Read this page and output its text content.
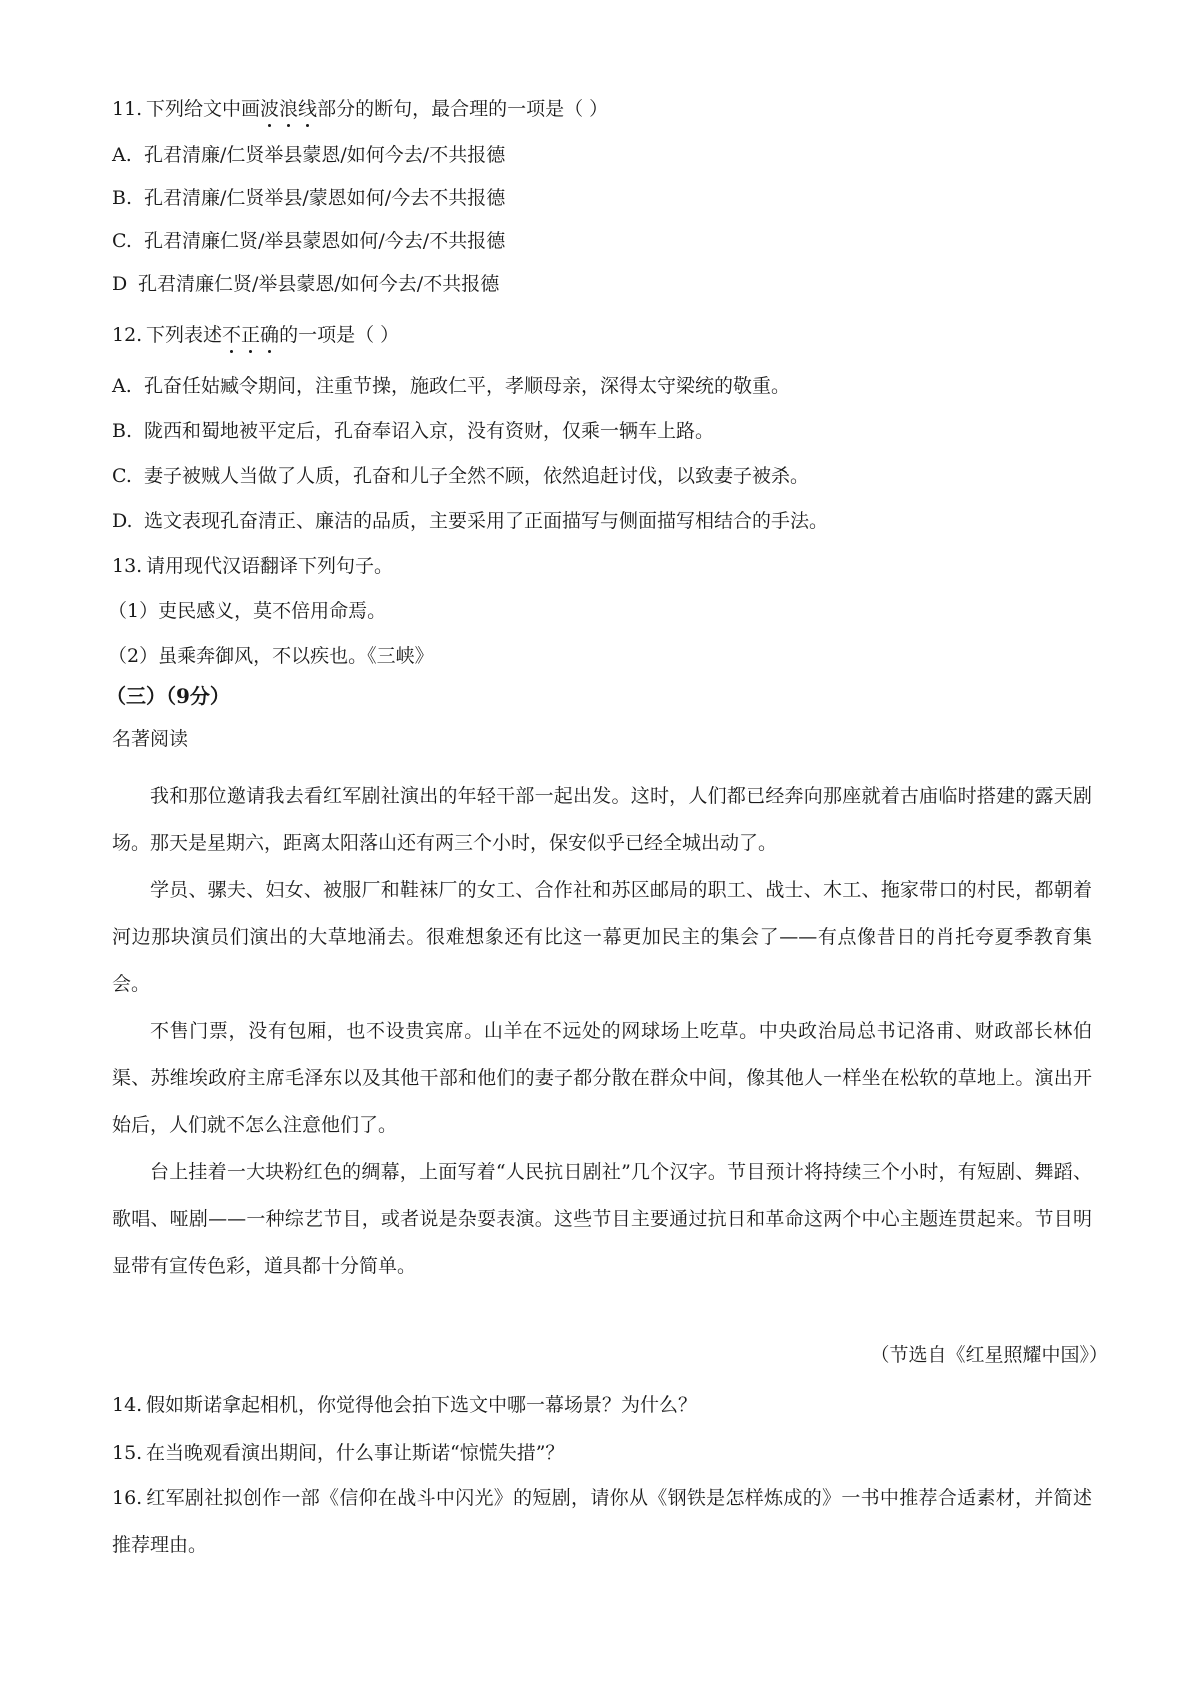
11. 下列给文中画波浪线部分的断句，最合理的一项是（ ）
A. 孔君清廉/仁贤举县蒙恩/如何今去/不共报德
B. 孔君清廉/仁贤举县/蒙恩如何/今去不共报德
C. 孔君清廉仁贤/举县蒙恩如何/今去/不共报德
D 孔君清廉仁贤/举县蒙恩/如何今去/不共报德
12. 下列表述不正确的一项是（ ）
A. 孔奋任姑臧令期间，注重节操，施政仁平，孝顺母亲，深得太守梁统的敬重。
B. 陇西和蜀地被平定后，孔奋奉诏入京，没有资财，仅乘一辆车上路。
C. 妻子被贼人当做了人质，孔奋和儿子全然不顾，依然追赶讨伐，以致妻子被杀。
D. 选文表现孔奋清正、廉洁的品质，主要采用了正面描写与侧面描写相结合的手法。
13. 请用现代汉语翻译下列句子。
（1）吏民感义，莫不倍用命焉。
（2）虽乘奔御风，不以疾也。《三峡》
（三）（9分）
名著阅读

我和那位邀请我去看红军剧社演出的年轻干部一起出发。这时，人们都已经奔向那座就着古庙临时搭建的露天剧场。那天是星期六，距离太阳落山还有两三个小时，保安似乎已经全城出动了。

学员、骡夫、妇女、被服厂和鞋袜厂的女工、合作社和苏区邮局的职工、战士、木工、拖家带口的村民，都朝着河边那块演员们演出的大草地涌去。很难想象还有比这一幕更加民主的集会了——有点像昔日的肖托夸夏季教育集会。

不售门票，没有包厢，也不设贵宾席。山羊在不远处的网球场上吃草。中央政治局总书记洛甫、财政部长林伯渠、苏维埃政府主席毛泽东以及其他干部和他们的妻子都分散在群众中间，像其他人一样坐在松软的草地上。演出开始后，人们就不怎么注意他们了。

台上挂着一大块粉红色的绸幕，上面写着“人民抗日剧社”几个汉字。节目预计将持续三个小时，有短剧、舞蹈、歌唱、哑剧——一种综艺节目，或者说是杂耍表演。这些节目主要通过抗日和革命这两个中心主题连贯起来。节目明显带有宣传色彩，道具都十分简单。

（节选自《红星照耀中国》）
14. 假如斯诺拿起相机，你觉得他会拍下选文中哪一幕场景？为什么？
15. 在当晚观看演出期间，什么事让斯诺“惊慌失措”？
16. 红军剧社拟创作一部《信仰在战斗中闪光》的短剧，请你从《钢铁是怎样炼成的》一书中推荐合适素材，并简述推荐理由。
